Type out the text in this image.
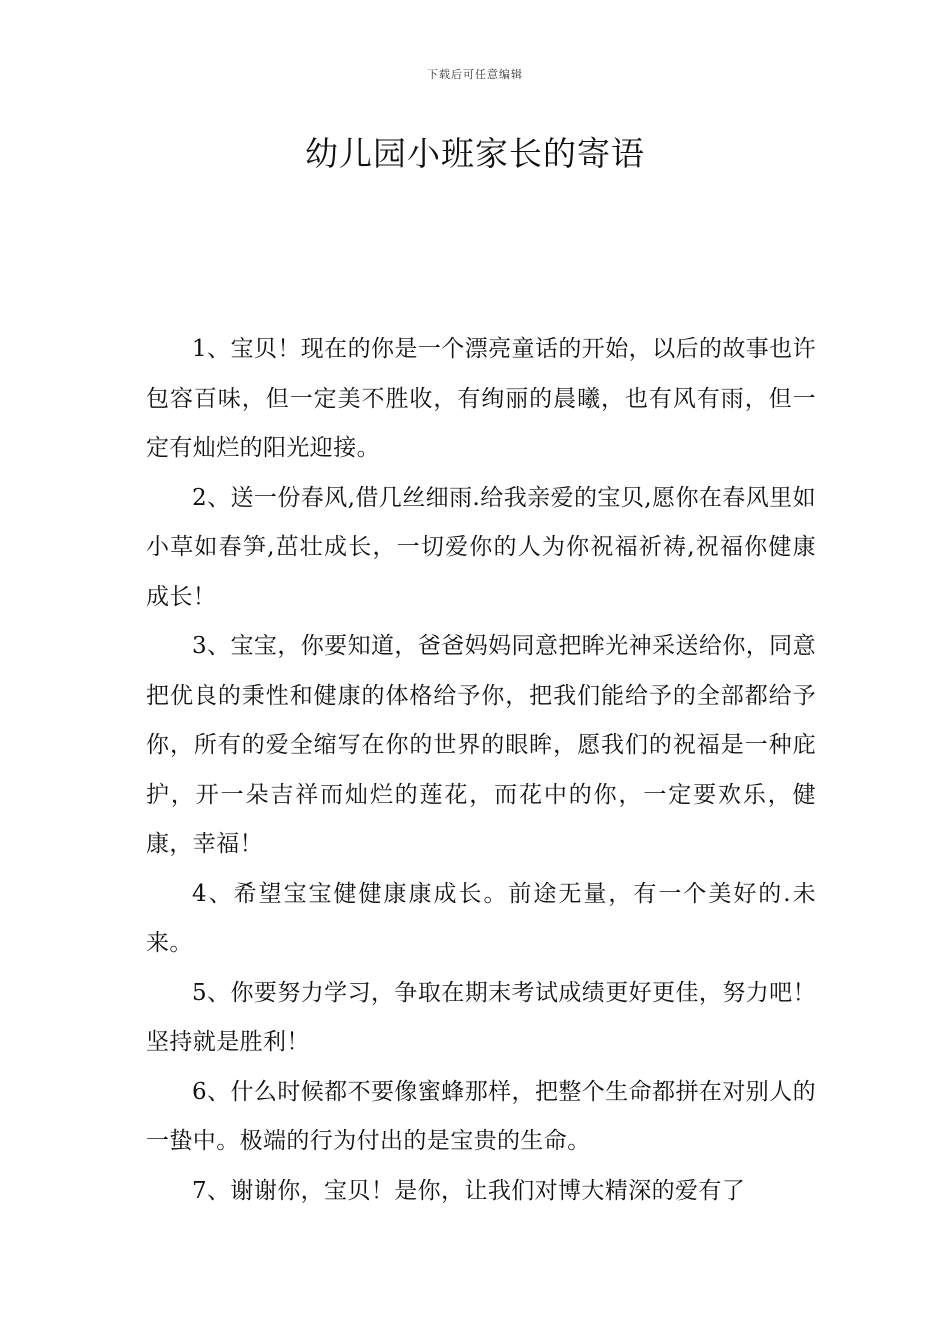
下载后可任意编辑
幼儿园小班家长的寄语

1、宝贝！现在的你是一个漂亮童话的开始，以后的故事也许包容百味，但一定美不胜收，有绚丽的晨曦，也有风有雨，但一定有灿烂的阳光迎接。

2、送一份春风,借几丝细雨.给我亲爱的宝贝,愿你在春风里如小草如春笋,茁壮成长，一切爱你的人为你祝福祈祷,祝福你健康成长！

3、宝宝，你要知道，爸爸妈妈同意把眸光神采送给你，同意把优良的秉性和健康的体格给予你，把我们能给予的全部都给予你，所有的爱全缩写在你的世界的眼眸，愿我们的祝福是一种庇护，开一朵吉祥而灿烂的莲花，而花中的你，一定要欢乐，健康，幸福！

4、希望宝宝健健康康成长。前途无量，有一个美好的.未来。

5、你要努力学习，争取在期末考试成绩更好更佳，努力吧！坚持就是胜利！

6、什么时候都不要像蜜蜂那样，把整个生命都拼在对别人的一蛰中。极端的行为付出的是宝贵的生命。

7、谢谢你，宝贝！是你，让我们对博大精深的爱有了
